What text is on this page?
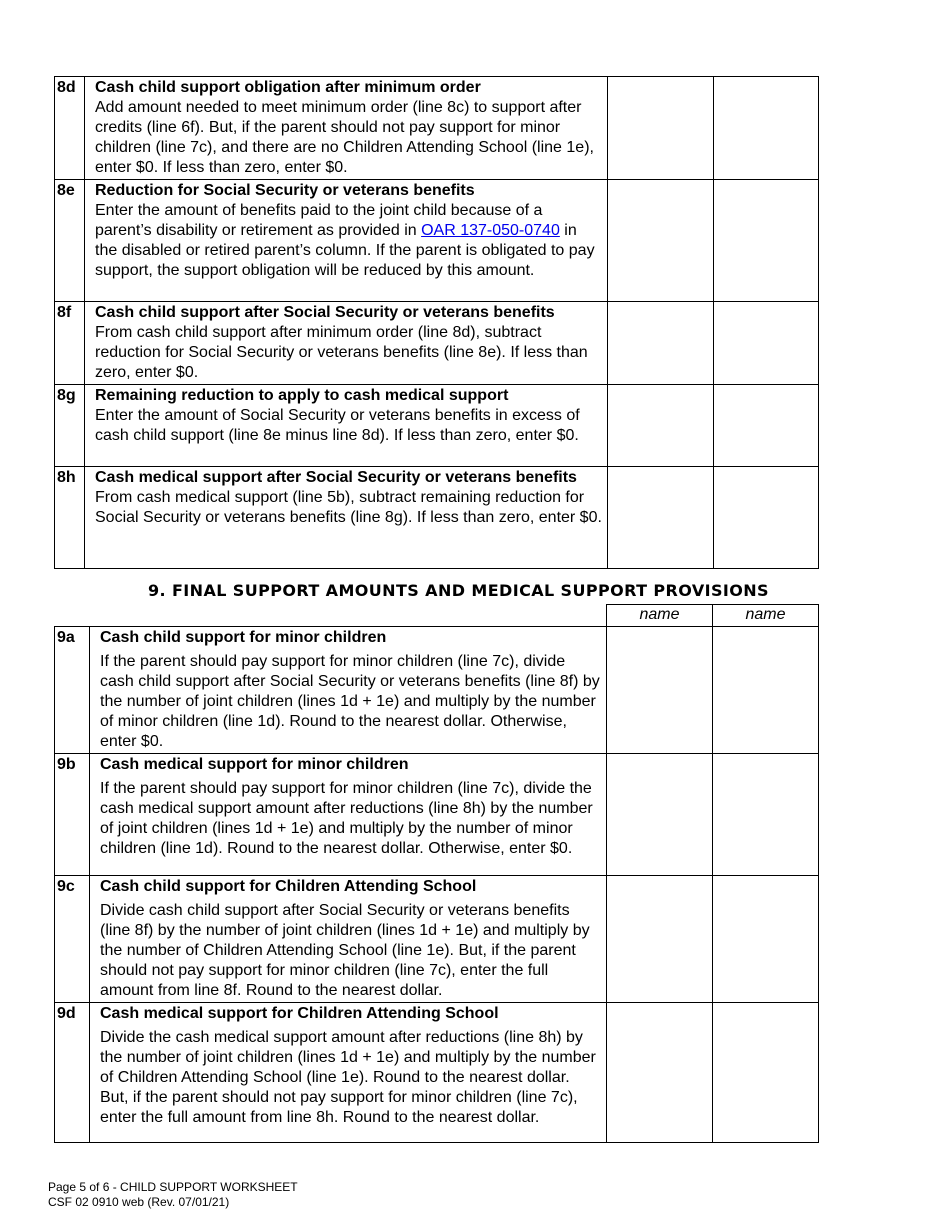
8d	Cash child support obligation after minimum order
Add amount needed to meet minimum order (line 8c) to support after credits (line 6f). But, if the parent should not pay support for minor children (line 7c), and there are no Children Attending School (line 1e), enter $0. If less than zero, enter $0.		

8e	Reduction for Social Security or veterans benefits
Enter the amount of benefits paid to the joint child because of a parent’s disability or retirement as provided in OAR 137-050-0740 in the disabled or retired parent’s column. If the parent is obligated to pay support, the support obligation will be reduced by this amount.		

8f	Cash child support after Social Security or veterans benefits
From cash child support after minimum order (line 8d), subtract reduction for Social Security or veterans benefits (line 8e). If less than zero, enter $0.		

8g	Remaining reduction to apply to cash medical support
Enter the amount of Social Security or veterans benefits in excess of cash child support (line 8e minus line 8d). If less than zero, enter $0.		

8h	Cash medical support after Social Security or veterans benefits
From cash medical support (line 5b), subtract remaining reduction for Social Security or veterans benefits (line 8g). If less than zero, enter $0.		

9. FINAL SUPPORT AMOUNTS AND MEDICAL SUPPORT PROVISIONS
		name	name
9a	Cash child support for minor children
If the parent should pay support for minor children (line 7c), divide cash child support after Social Security or veterans benefits (line 8f) by the number of joint children (lines 1d + 1e) and multiply by the number of minor children (line 1d). Round to the nearest dollar. Otherwise, enter $0.		

9b	Cash medical support for minor children
If the parent should pay support for minor children (line 7c), divide the cash medical support amount after reductions (line 8h) by the number of joint children (lines 1d + 1e) and multiply by the number of minor children (line 1d). Round to the nearest dollar. Otherwise, enter $0.		

9c	Cash child support for Children Attending School
Divide cash child support after Social Security or veterans benefits (line 8f) by the number of joint children (lines 1d + 1e) and multiply by the number of Children Attending School (line 1e). But, if the parent should not pay support for minor children (line 7c), enter the full amount from line 8f. Round to the nearest dollar.		

9d	Cash medical support for Children Attending School
Divide the cash medical support amount after reductions (line 8h) by the number of joint children (lines 1d + 1e) and multiply by the number of Children Attending School (line 1e). Round to the nearest dollar. But, if the parent should not pay support for minor children (line 7c), enter the full amount from line 8h. Round to the nearest dollar.		

Page 5 of 6 - CHILD SUPPORT WORKSHEET
CSF 02 0910 web (Rev. 07/01/21)
